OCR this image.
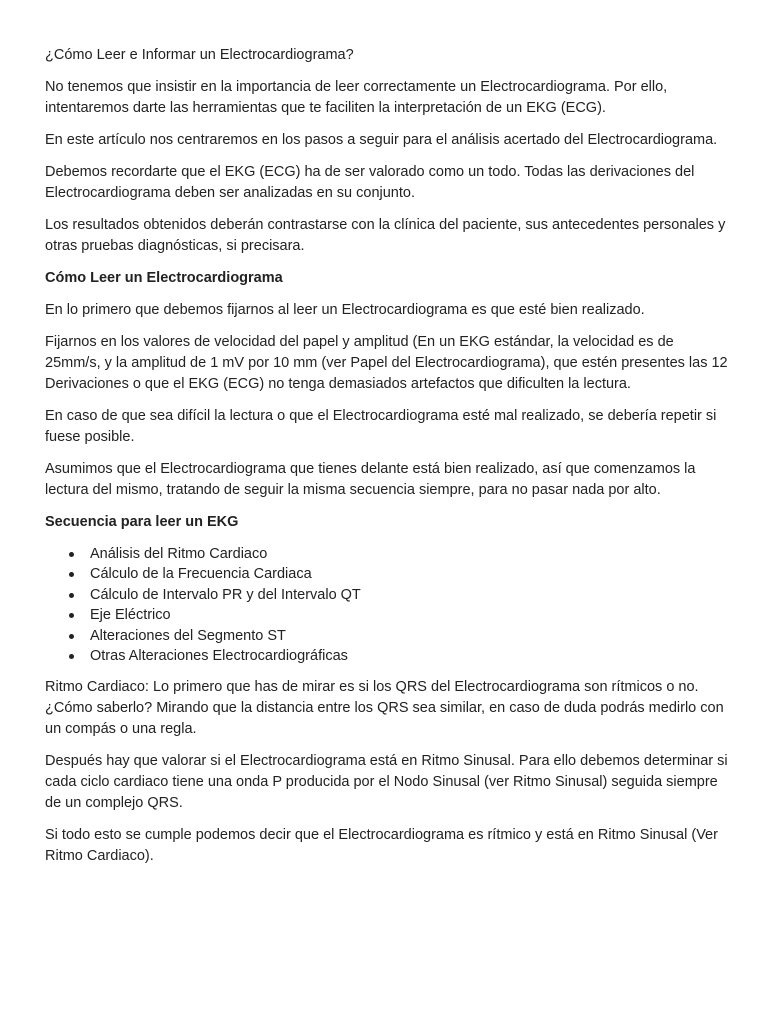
¿Cómo Leer e Informar un Electrocardiograma?

No tenemos que insistir en la importancia de leer correctamente un Electrocardiograma. Por ello, intentaremos darte las herramientas que te faciliten la interpretación de un EKG (ECG).

En este artículo nos centraremos en los pasos a seguir para el análisis acertado del Electrocardiograma.

Debemos recordarte que el EKG (ECG) ha de ser valorado como un todo. Todas las derivaciones del Electrocardiograma deben ser analizadas en su conjunto.

Los resultados obtenidos deberán contrastarse con la clínica del paciente, sus antecedentes personales y otras pruebas diagnósticas, si precisara.

Cómo Leer un Electrocardiograma

En lo primero que debemos fijarnos al leer un Electrocardiograma es que esté bien realizado.

Fijarnos en los valores de velocidad del papel y amplitud (En un EKG estándar, la velocidad es de 25mm/s, y la amplitud de 1 mV por 10 mm (ver Papel del Electrocardiograma), que estén presentes las 12 Derivaciones o que el EKG (ECG) no tenga demasiados artefactos que dificulten la lectura.

En caso de que sea difícil la lectura o que el Electrocardiograma esté mal realizado, se debería repetir si fuese posible.

Asumimos que el Electrocardiograma que tienes delante está bien realizado, así que comenzamos la lectura del mismo, tratando de seguir la misma secuencia siempre, para no pasar nada por alto.

Secuencia para leer un EKG

Análisis del Ritmo Cardiaco
Cálculo de la Frecuencia Cardiaca
Cálculo de Intervalo PR y del Intervalo QT
Eje Eléctrico
Alteraciones del Segmento ST
Otras Alteraciones Electrocardiográficas

Ritmo Cardiaco: Lo primero que has de mirar es si los QRS del Electrocardiograma son rítmicos o no. ¿Cómo saberlo? Mirando que la distancia entre los QRS sea similar, en caso de duda podrás medirlo con un compás o una regla.

Después hay que valorar si el Electrocardiograma está en Ritmo Sinusal. Para ello debemos determinar si cada ciclo cardiaco tiene una onda P producida por el Nodo Sinusal (ver Ritmo Sinusal) seguida siempre de un complejo QRS.

Si todo esto se cumple podemos decir que el Electrocardiograma es rítmico y está en Ritmo Sinusal (Ver Ritmo Cardiaco).
